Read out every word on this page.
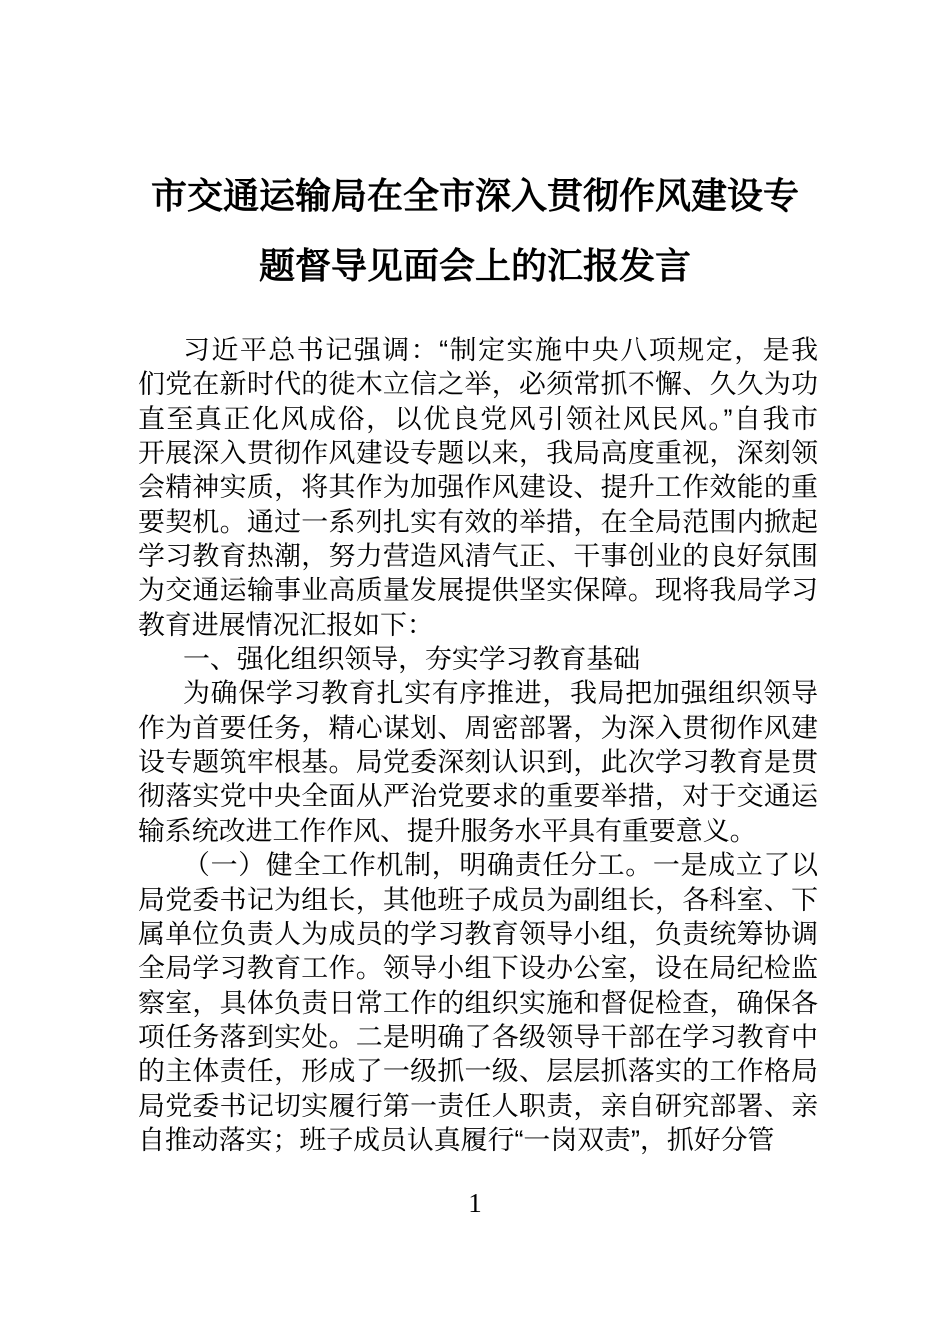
市交通运输局在全市深入贯彻作风建设专题督导见面会上的汇报发言
习近平总书记强调：“制定实施中央八项规定，是我
们党在新时代的徙木立信之举，必须常抓不懈、久久为功
直至真正化风成俗，以优良党风引领社风民风。”自我市
开展深入贯彻作风建设专题以来，我局高度重视，深刻领
会精神实质，将其作为加强作风建设、提升工作效能的重
要契机。通过一系列扎实有效的举措，在全局范围内掀起
学习教育热潮，努力营造风清气正、干事创业的良好氛围
为交通运输事业高质量发展提供坚实保障。现将我局学习
教育进展情况汇报如下：
一、强化组织领导，夯实学习教育基础
为确保学习教育扎实有序推进，我局把加强组织领导
作为首要任务，精心谋划、周密部署，为深入贯彻作风建
设专题筑牢根基。局党委深刻认识到，此次学习教育是贯
彻落实党中央全面从严治党要求的重要举措，对于交通运
输系统改进工作作风、提升服务水平具有重要意义。
（一）健全工作机制，明确责任分工。一是成立了以
局党委书记为组长，其他班子成员为副组长，各科室、下
属单位负责人为成员的学习教育领导小组，负责统筹协调
全局学习教育工作。领导小组下设办公室，设在局纪检监
察室，具体负责日常工作的组织实施和督促检查，确保各
项任务落到实处。二是明确了各级领导干部在学习教育中
的主体责任，形成了一级抓一级、层层抓落实的工作格局
局党委书记切实履行第一责任人职责，亲自研究部署、亲
自推动落实；班子成员认真履行“一岗双责”，抓好分管
1
